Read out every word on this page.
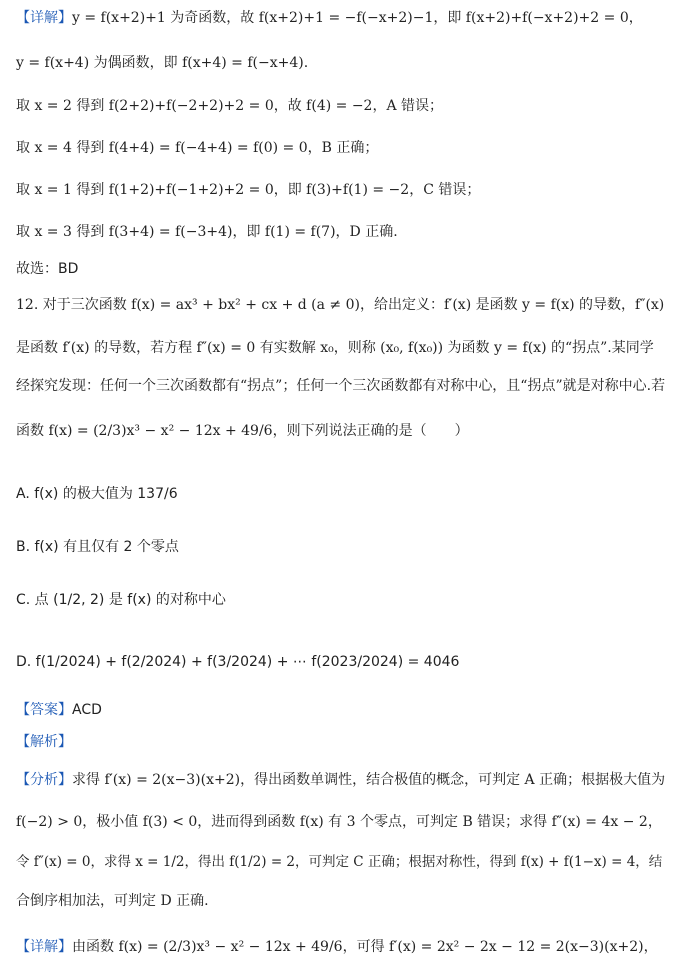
【详解】y = f(x+2)+1 为奇函数，故 f(x+2)+1 = −f(−x+2)−1，即 f(x+2)+f(−x+2)+2 = 0，
y = f(x+4) 为偶函数，即 f(x+4) = f(−x+4).
取 x = 2 得到 f(2+2)+f(−2+2)+2 = 0，故 f(4) = −2，A 错误；
取 x = 4 得到 f(4+4) = f(−4+4) = f(0) = 0，B 正确；
取 x = 1 得到 f(1+2)+f(−1+2)+2 = 0，即 f(3)+f(1) = −2，C 错误；
取 x = 3 得到 f(3+4) = f(−3+4)，即 f(1) = f(7)，D 正确.
故选：BD
12. 对于三次函数 f(x) = ax³ + bx² + cx + d (a ≠ 0)，给出定义：f′(x) 是函数 y = f(x) 的导数，f″(x)
是函数 f′(x) 的导数，若方程 f″(x) = 0 有实数解 x₀，则称 (x₀, f(x₀)) 为函数 y = f(x) 的“拐点”.某同学
经探究发现：任何一个三次函数都有“拐点”；任何一个三次函数都有对称中心，且“拐点”就是对称中心.若
函数 f(x) = (2/3)x³ − x² − 12x + 49/6，则下列说法正确的是（　　）
A. f(x) 的极大值为 137/6
B. f(x) 有且仅有 2 个零点
C. 点 (1/2, 2) 是 f(x) 的对称中心
D. f(1/2024) + f(2/2024) + f(3/2024) + ⋯ f(2023/2024) = 4046
【答案】ACD
【解析】
【分析】求得 f′(x) = 2(x−3)(x+2)，得出函数单调性，结合极值的概念，可判定 A 正确；根据极大值为
f(−2) > 0，极小值 f(3) < 0，进而得到函数 f(x) 有 3 个零点，可判定 B 错误；求得 f″(x) = 4x − 2，
令 f″(x) = 0，求得 x = 1/2，得出 f(1/2) = 2，可判定 C 正确；根据对称性，得到 f(x) + f(1−x) = 4，结
合倒序相加法，可判定 D 正确.
【详解】由函数 f(x) = (2/3)x³ − x² − 12x + 49/6，可得 f′(x) = 2x² − 2x − 12 = 2(x−3)(x+2)，
